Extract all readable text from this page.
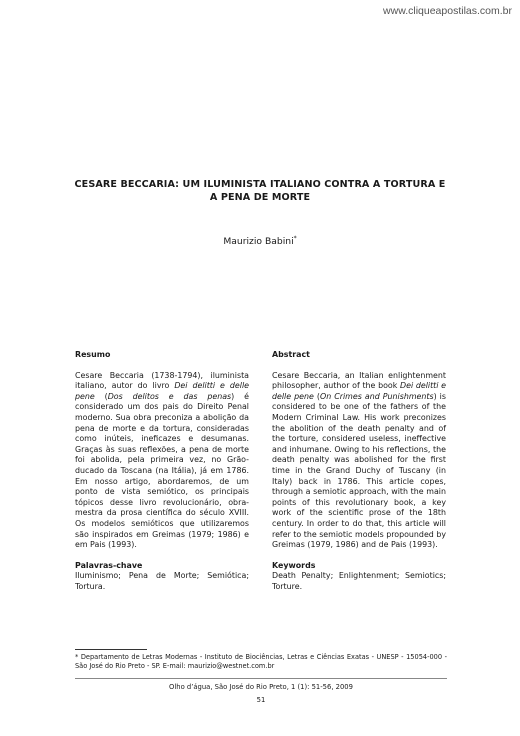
www.cliqueapostilas.com.br
CESARE BECCARIA: UM ILUMINISTA ITALIANO CONTRA A TORTURA E A PENA DE MORTE
Maurizio Babini*
Resumo

Cesare Beccaria (1738-1794), iluminista italiano, autor do livro Dei delitti e delle pene (Dos delitos e das penas) é considerado um dos pais do Direito Penal moderno. Sua obra preconiza a abolição da pena de morte e da tortura, consideradas como inúteis, ineficazes e desumanas. Graças às suas reflexões, a pena de morte foi abolida, pela primeira vez, no Grão-ducado da Toscana (na Itália), já em 1786. Em nosso artigo, abordaremos, de um ponto de vista semiótico, os principais tópicos desse livro revolucionário, obra-mestra da prosa científica do século XVIII. Os modelos semióticos que utilizaremos são inspirados em Greimas (1979; 1986) e em Pais (1993).

Palavras-chave

Iluminismo; Pena de Morte; Semiótica; Tortura.

Abstract

Cesare Beccaria, an Italian enlightenment philosopher, author of the book Dei delitti e delle pene (On Crimes and Punishments) is considered to be one of the fathers of the Modern Criminal Law. His work preconizes the abolition of the death penalty and of the torture, considered useless, ineffective and inhumane. Owing to his reflections, the death penalty was abolished for the first time in the Grand Duchy of Tuscany (in Italy) back in 1786. This article copes, through a semiotic approach, with the main points of this revolutionary book, a key work of the scientific prose of the 18th century. In order to do that, this article will refer to the semiotic models propounded by Greimas (1979, 1986) and de Pais (1993).

Keywords

Death Penalty; Enlightenment; Semiotics; Torture.

* Departamento de Letras Modernas - Instituto de Biociências, Letras e Ciências Exatas - UNESP - 15054-000 - São José do Rio Preto - SP. E-mail: maurizio@westnet.com.br
Olho d’água, São José do Rio Preto, 1 (1): 51-56, 2009
51
